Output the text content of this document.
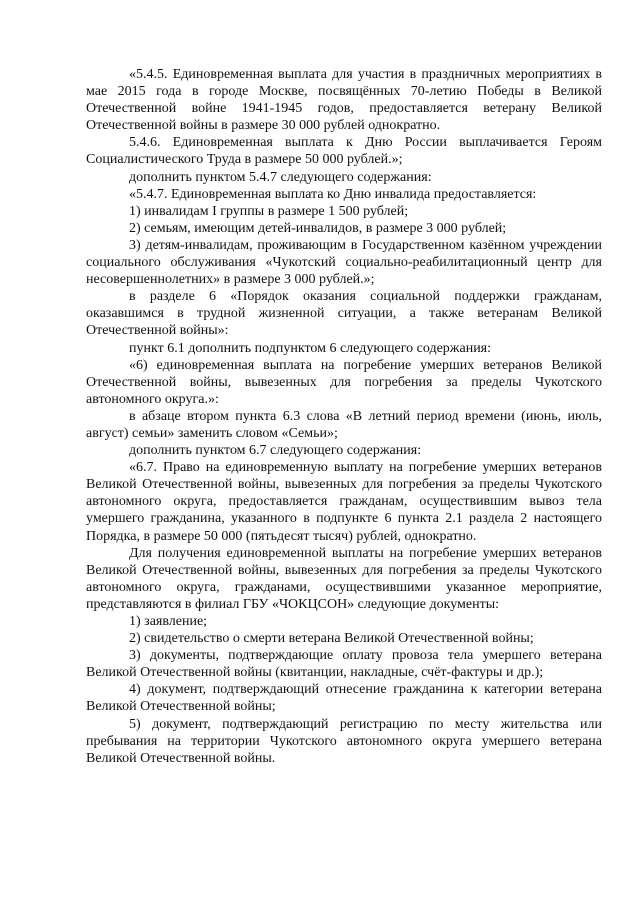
«5.4.5. Единовременная выплата для участия в праздничных мероприятиях в мае 2015 года в городе Москве, посвящённых 70-летию Победы в Великой Отечественной войне 1941-1945 годов, предоставляется ветерану Великой Отечественной войны в размере 30 000 рублей однократно.

5.4.6. Единовременная выплата к Дню России выплачивается Героям Социалистического Труда в размере 50 000 рублей.»;

дополнить пунктом 5.4.7 следующего содержания:

«5.4.7. Единовременная выплата ко Дню инвалида предоставляется:

1) инвалидам I группы в размере 1 500 рублей;

2) семьям, имеющим детей-инвалидов, в размере 3 000 рублей;

3) детям-инвалидам, проживающим в Государственном казённом учреждении социального обслуживания «Чукотский социально-реабилитационный центр для несовершеннолетних» в размере 3 000 рублей.»;

в разделе 6 «Порядок оказания социальной поддержки гражданам, оказавшимся в трудной жизненной ситуации, а также ветеранам Великой Отечественной войны»:

пункт 6.1 дополнить подпунктом 6 следующего содержания:

«6) единовременная выплата на погребение умерших ветеранов Великой Отечественной войны, вывезенных для погребения за пределы Чукотского автономного округа.»:

в абзаце втором пункта 6.3 слова «В летний период времени (июнь, июль, август) семьи» заменить словом «Семьи»;

дополнить пунктом 6.7 следующего содержания:

«6.7. Право на единовременную выплату на погребение умерших ветеранов Великой Отечественной войны, вывезенных для погребения за пределы Чукотского автономного округа, предоставляется гражданам, осуществившим вывоз тела умершего гражданина, указанного в подпункте 6 пункта 2.1 раздела 2 настоящего Порядка, в размере 50 000 (пятьдесят тысяч) рублей, однократно.

Для получения единовременной выплаты на погребение умерших ветеранов Великой Отечественной войны, вывезенных для погребения за пределы Чукотского автономного округа, гражданами, осуществившими указанное мероприятие, представляются в филиал ГБУ «ЧОКЦСОН» следующие документы:

1) заявление;

2) свидетельство о смерти ветерана Великой Отечественной войны;

3) документы, подтверждающие оплату провоза тела умершего ветерана Великой Отечественной войны (квитанции, накладные, счёт-фактуры и др.);

4) документ, подтверждающий отнесение гражданина к категории ветерана Великой Отечественной войны;

5) документ, подтверждающий регистрацию по месту жительства или пребывания на территории Чукотского автономного округа умершего ветерана Великой Отечественной войны.
